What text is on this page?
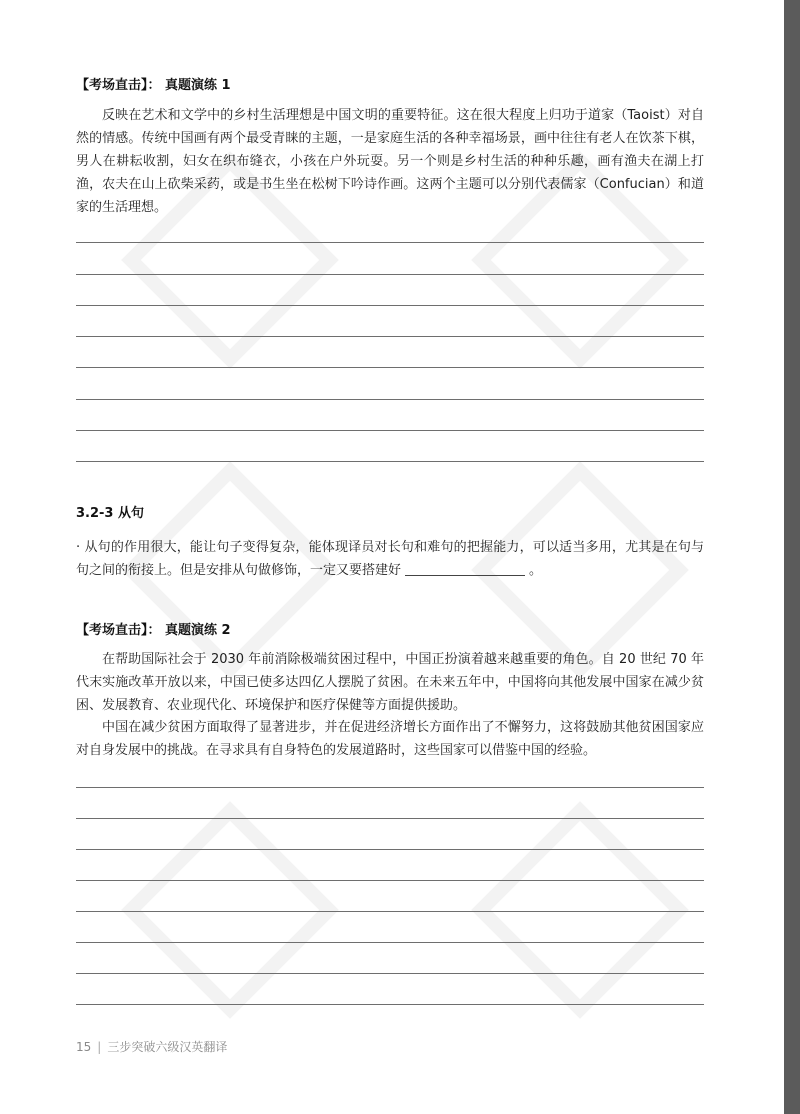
【考场直击】： 真题演练 1
反映在艺术和文学中的乡村生活理想是中国文明的重要特征。这在很大程度上归功于道家（Taoist）对自然的情感。传统中国画有两个最受青睐的主题，一是家庭生活的各种幸福场景，画中往往有老人在饮茶下棋，男人在耕耘收割，妇女在织布缝衣，小孩在户外玩耍。另一个则是乡村生活的种种乐趣，画有渔夫在湖上打渔，农夫在山上砍柴采药，或是书生坐在松树下吟诗作画。这两个主题可以分别代表儒家（Confucian）和道家的生活理想。
3.2-3 从句
· 从句的作用很大，能让句子变得复杂，能体现译员对长句和难句的把握能力，可以适当多用，尤其是在句与句之间的衔接上。但是安排从句做修饰，一定又要搭建好	。
【考场直击】： 真题演练 2
在帮助国际社会于 2030 年前消除极端贫困过程中，中国正扮演着越来越重要的角色。自 20 世纪 70 年代末实施改革开放以来，中国已使多达四亿人摆脱了贫困。在未来五年中，中国将向其他发展中国家在减少贫困、发展教育、农业现代化、环境保护和医疗保健等方面提供援助。
中国在减少贫困方面取得了显著进步，并在促进经济增长方面作出了不懈努力，这将鼓励其他贫困国家应对自身发展中的挑战。在寻求具有自身特色的发展道路时，这些国家可以借鉴中国的经验。
15 | 三步突破六级汉英翻译
